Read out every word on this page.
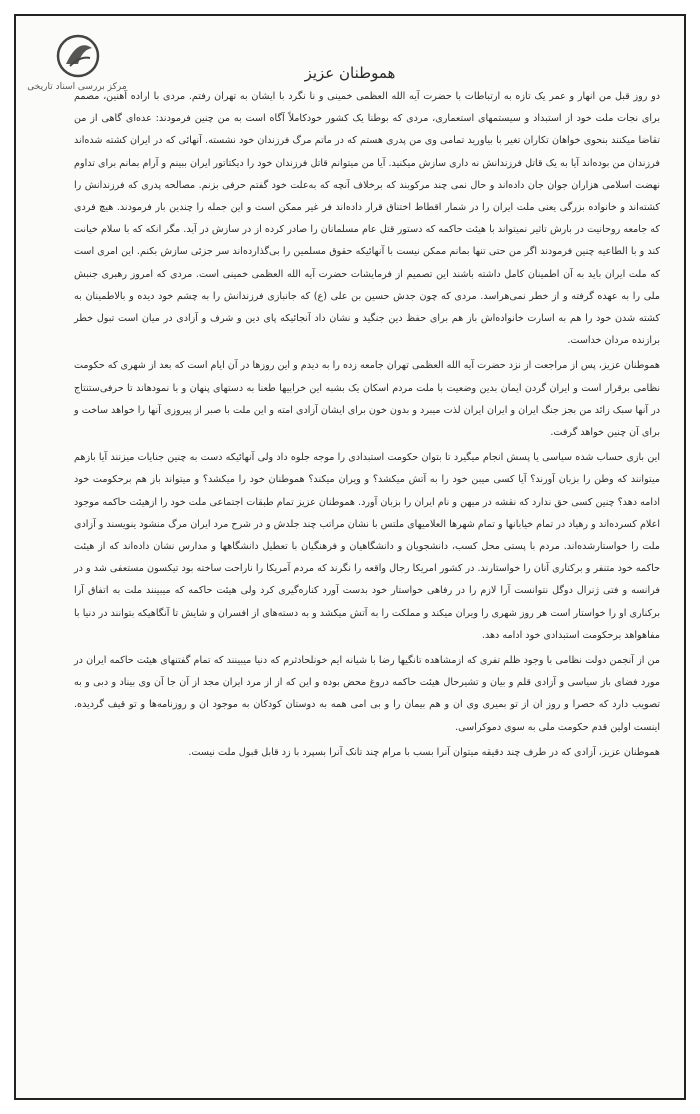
مرکز بررسی اسناد تاریخی
هموطنان عزیز

دو روز قبل من انهار و عمر یک تازه به ارتباطات با حضرت آیه الله العظمی خمینی و نا نگرد با ایشان به تهران رفتم. مردی با اراده آهنین، مصمم برای نجات ملت خود از استبداد و سیستمهای استعماری، مردی که بوطنا یک کشور خودکاملاً آگاه است به من چنین فرمودند: عده‌ای گاهی از من تقاضا میکنند بنحوی خواهان تکاران تغیر با بیاورید تمامی وی من پدری هستم که در ماتم مرگ فرزندان خود نشسته. آنهائی که در ایران کشته شده‌اند فرزندان من بوده‌اند آیا به یک قاتل فرزندانش نه داری سازش میکنید. آیا من میتوانم قاتل فرزندان خود را دیکتاتور ایران ببینم و آرام بمانم برای تداوم نهضت اسلامی هزاران جوان جان داده‌اند و حال نمی چند مرکوبند که برخلاف آنچه که به‌علت خود گفتم حرفی بزنم. مصالحه پدری که فرزندانش را کشته‌اند و خانواده بزرگی یعنی ملت ایران را در شمار اقطاط اختناق قرار داده‌اند فر غیر ممکن است و این جمله را چندین بار فرمودند. هیچ فردی که جامعه روحانیت در بارش تاثیر نمیتواند با هیئت حاکمه که دستور قتل عام مسلمانان را صادر کرده از در سازش در آید. مگر انکه که با سلام خیانت کند و با الطاعیه چنین فرمودند اگر من حتی تنها بمانم ممکن نیست با آنهائیکه حقوق مسلمین را بی‌گذارده‌اند سر جزئی سازش بکنم. این امری است که ملت ایران باید به آن اطمینان کامل داشته باشند این تصمیم از فرمایشات حضرت آیه الله العظمی خمینی است. مردی که امروز رهبری جنبش ملی را به عهده گرفته و از خطر نمی‌هراسد. مردی که چون جدش حسین بن علی (ع) که جانبازی فرزندانش را به چشم خود دیده و بالاطمینان به کشته شدن خود را هم به اسارت خانواده‌اش باز هم برای حفظ دین جنگید و نشان داد آنجائیکه پای دین و شرف و آزادی در میان است تبول خطر برازنده مردان خداست.

هموطنان عزیز، پس از مراجعت از نزد حضرت آیه الله العظمی تهران جامعه زده را به دیدم و این روزها در آن ایام است که بعد از شهری که حکومت نظامی برقرار است و ایران گردن ایمان بدین وضعیت با ملت مردم اسکان یک بشبه این خرابیها طعنا به دستهای پنهان و با نمودهاند تا حرفی‌ستنتاج در آنها سبک زائد من بجز جنگ ایران و ایران ایران لذت میبرد و بدون خون برای ایشان آزادی امته و این ملت با صبر از پیروزی آنها را خواهد ساخت و برای آن چنین خواهد گرفت.

این بازی حساب شده سیاسی یا پسش انجام میگیرد تا بتوان حکومت استبدادی را موجه جلوه داد ولی آنهائیکه دست به چنین جنایات میزنند آیا بازهم میتوانند که وطن را بزبان آورند؟ آیا کسی میبن خود را به آتش میکشد؟ و ویران میکند؟ هموطنان خود را میکشد؟ و میتواند باز هم برحکومت خود ادامه دهد؟ چنین کسی حق ندارد که نقشه در میهن و نام ایران را بزبان آورد. هموطنان عزیز تمام طبقات اجتماعی ملت خود را ازهیئت حاکمه موجود اعلام کسرده‌اند و رهیاد در تمام خیابانها و تمام شهرها العلامیهای ملتس با نشان مراتب چند جلدش و در شرح مرد ایران مرگ منشود ینویسند و آزادی ملت را خواستارشده‌اند. مردم با پستی محل کسب، دانشجویان و دانشگاهیان و فرهنگیان با تعطیل دانشگاهها و مدارس نشان داده‌اند که از هیئت حاکمه خود متنفر و برکناری آنان را خواستارند. در کشور امریکا رجال واقعه را نگرند که مردم آمریکا را ناراحت ساخته بود تیکسون مستعفی شد و در فرانسه و فتی ژنرال دوگل نتوانست آرا لازم را در رفاهی خواستار خود بدست آورد کناره‌گیری کرد ولی هیئت حاکمه که میبینند ملت به اتفاق آرا برکناری او را خواستار است هر روز شهری را ویران میکند و مملکت را به آتش میکشد و به دسته‌های از افسران و شایش تا آنگاهیکه بتوانند در دنیا با مفاهواهد برحکومت استبدادی خود ادامه دهد.

من از آنجمن دولت نظامی با وجود ظلم تفری که ازمشاهده تانگیها رضا با شیانه ایم خونلحادثرم که دنیا میبینند که تمام گفتنهای هیئت حاکمه ایران در مورد فضای باز سیاسی و آزادی قلم و بیان و تشیرحال هیئت حاکمه دروغ محض بوده و این که از از مرد ایران مجد از آن جا آن وی بیناد و دبی و به تصویب دارد که حصرا و روز ان از تو بمیری وی ان و هم بیمان را و بی امی همه به دوستان کودکان به موجود ان و روزنامه‌ها و تو قیف گردیده. اینست اولین قدم حکومت ملی به سوی دموکراسی.

هموطنان عزیز، آزادی که در طرف چند دقیقه میتوان آنرا بسب با مرام چند تانک آنرا بسپرد با زد قابل قبول ملت نیست.
